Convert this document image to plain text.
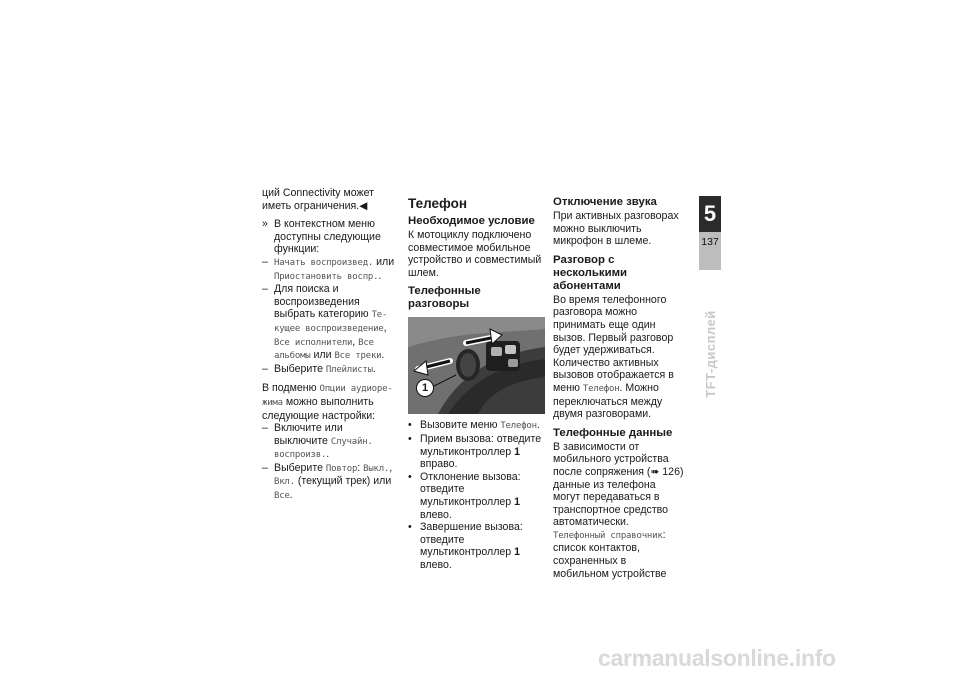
ций Connectivity может иметь ограничения.◀

» В контекстном меню доступны следующие функции:
– Начать воспроизвед. или Приостановить воспр..
– Для поиска и воспроизведения выбрать категорию Текущее воспроизведение, Все исполнители, Все альбомы или Все треки.
– Выберите Плейлисты.

В подменю Опции аудиорежима можно выполнить следующие настройки:

– Включите или выключите Случайн. воспроизв..
– Выберите Повтор: Выкл., Вкл. (текущий трек) или Все.
Телефон
Необходимое условие

К мотоциклу подключено совместимое мобильное устройство и совместимый шлем.

Телефонные разговоры
1
• Вызовите меню Телефон.
• Прием вызова: отведите мультиконтроллер 1 вправо.
• Отклонение вызова: отведите мультиконтроллер 1 влево.
• Завершение вызова: отведите мультиконтроллер 1 влево.
Отключение звука

При активных разговорах можно выключить микрофон в шлеме.

Разговор с несколькими абонентами

Во время телефонного разговора можно принимать еще один вызов. Первый разговор будет удерживаться. Количество активных вызовов отображается в меню Телефон. Можно переключаться между двумя разговорами.

Телефонные данные

В зависимости от мобильного устройства после сопряжения (➠ 126) данные из телефона могут передаваться в транспортное средство автоматически.

Телефонный справочник:
список контактов, сохраненных в мобильном устройстве

5
137
TFT-дисплей
carmanualsonline.info
